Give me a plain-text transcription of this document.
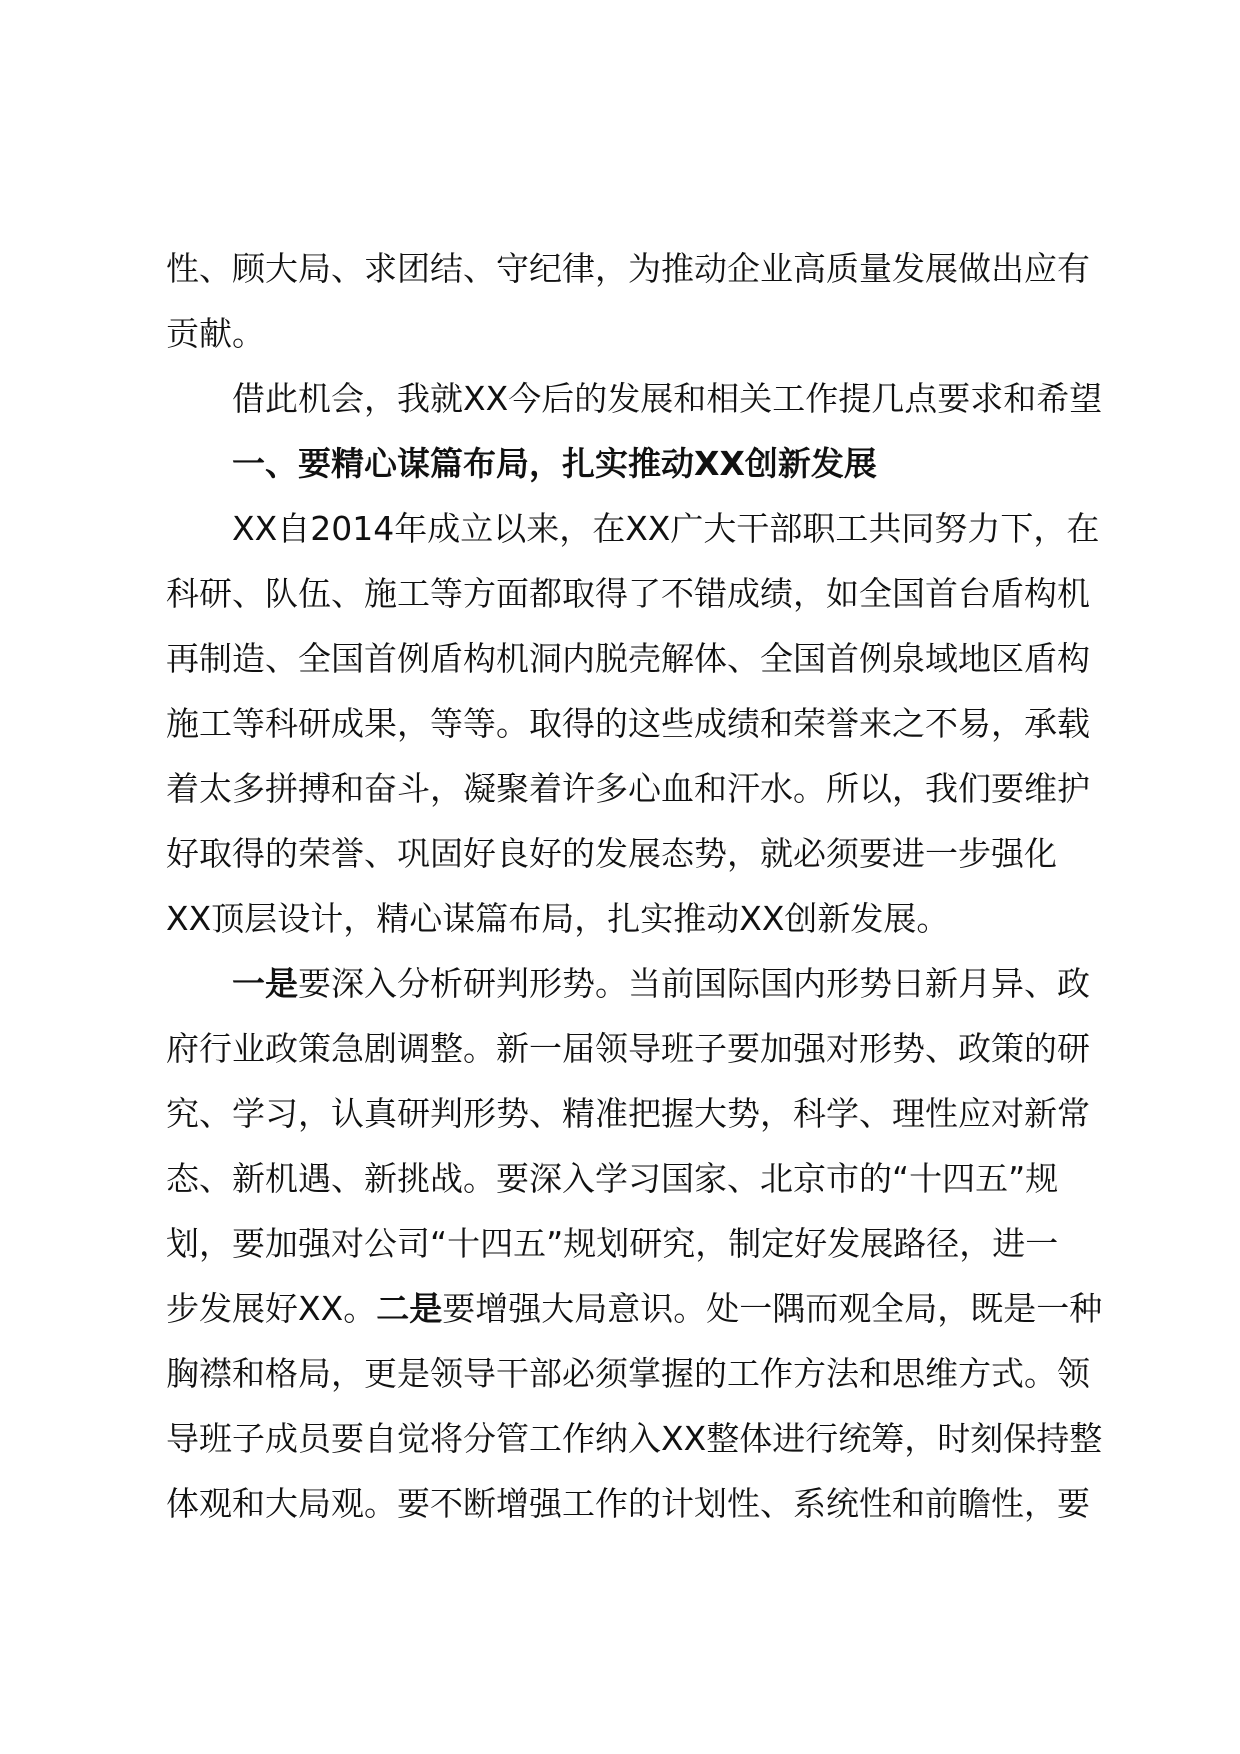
性、顾大局、求团结、守纪律，为推动企业高质量发展做出应有
贡献。
借此机会，我就XX今后的发展和相关工作提几点要求和希望
一、要精心谋篇布局，扎实推动XX创新发展
XX自2014年成立以来，在XX广大干部职工共同努力下，在
科研、队伍、施工等方面都取得了不错成绩，如全国首台盾构机
再制造、全国首例盾构机洞内脱壳解体、全国首例泉域地区盾构
施工等科研成果，等等。取得的这些成绩和荣誉来之不易，承载
着太多拼搏和奋斗，凝聚着许多心血和汗水。所以，我们要维护
好取得的荣誉、巩固好良好的发展态势，就必须要进一步强化
XX顶层设计，精心谋篇布局，扎实推动XX创新发展。
一是要深入分析研判形势。当前国际国内形势日新月异、政
府行业政策急剧调整。新一届领导班子要加强对形势、政策的研
究、学习，认真研判形势、精准把握大势，科学、理性应对新常
态、新机遇、新挑战。要深入学习国家、北京市的“十四五”规
划，要加强对公司“十四五”规划研究，制定好发展路径，进一
步发展好XX。二是要增强大局意识。处一隅而观全局，既是一种
胸襟和格局，更是领导干部必须掌握的工作方法和思维方式。领
导班子成员要自觉将分管工作纳入XX整体进行统筹，时刻保持整
体观和大局观。要不断增强工作的计划性、系统性和前瞻性，要
